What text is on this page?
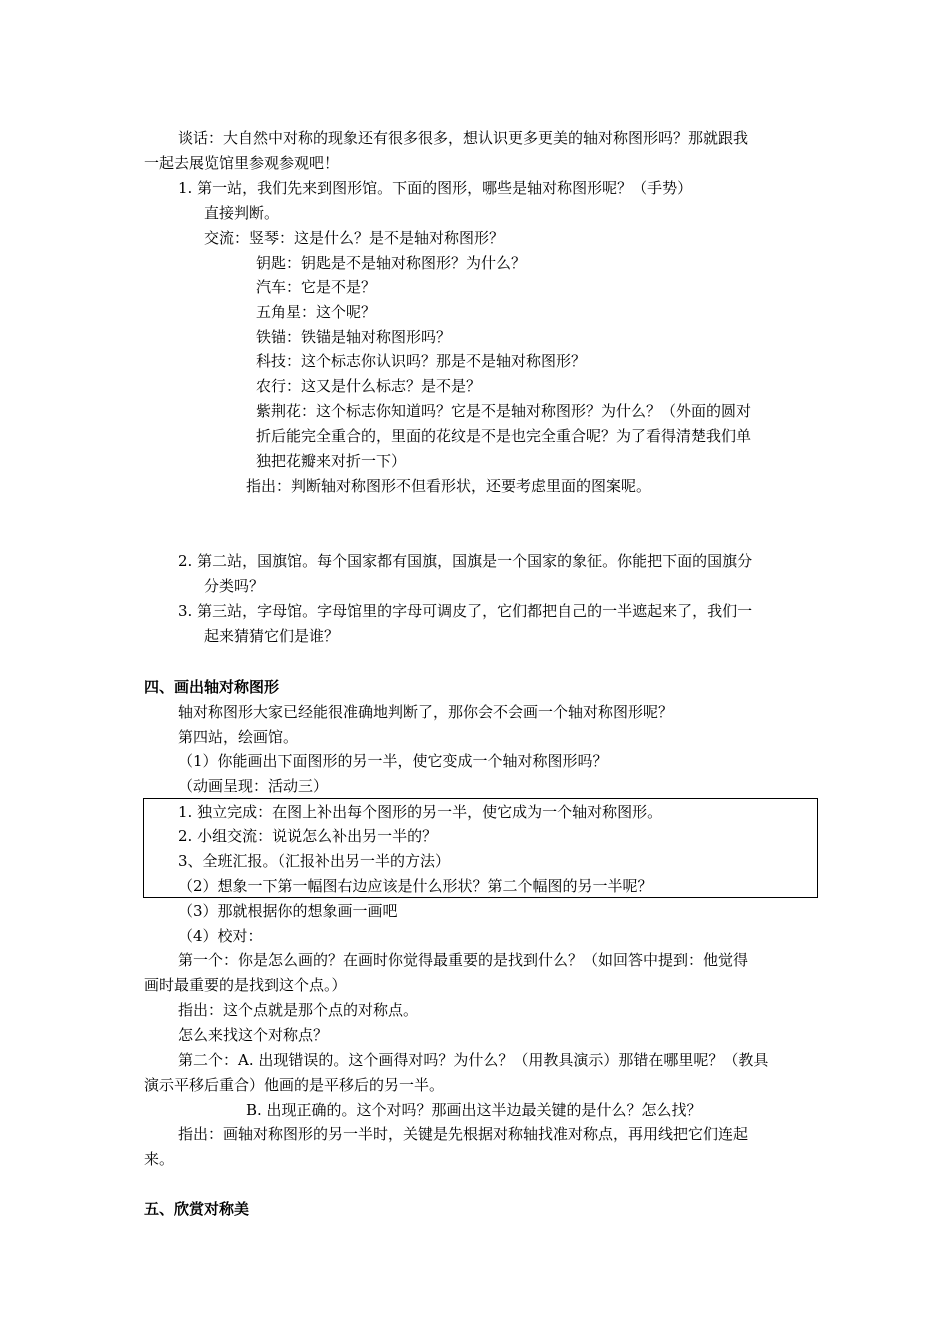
谈话：大自然中对称的现象还有很多很多，想认识更多更美的轴对称图形吗？那就跟我
一起去展览馆里参观参观吧！
1. 第一站，我们先来到图形馆。下面的图形，哪些是轴对称图形呢？（手势）
直接判断。
交流：竖琴：这是什么？是不是轴对称图形？
钥匙：钥匙是不是轴对称图形？为什么？
汽车：它是不是？
五角星：这个呢？
铁锚：铁锚是轴对称图形吗？
科技：这个标志你认识吗？那是不是轴对称图形？
农行：这又是什么标志？是不是？
紫荆花：这个标志你知道吗？它是不是轴对称图形？为什么？（外面的圆对
折后能完全重合的，里面的花纹是不是也完全重合呢？为了看得清楚我们单
独把花瓣来对折一下）
指出：判断轴对称图形不但看形状，还要考虑里面的图案呢。
2. 第二站，国旗馆。每个国家都有国旗，国旗是一个国家的象征。你能把下面的国旗分
分类吗？
3. 第三站，字母馆。字母馆里的字母可调皮了，它们都把自己的一半遮起来了，我们一
起来猜猜它们是谁？
四、画出轴对称图形
轴对称图形大家已经能很准确地判断了，那你会不会画一个轴对称图形呢？
第四站，绘画馆。
（1）你能画出下面图形的另一半，使它变成一个轴对称图形吗？
（动画呈现：活动三）
1. 独立完成：在图上补出每个图形的另一半，使它成为一个轴对称图形。
2. 小组交流：说说怎么补出另一半的？
3、全班汇报。（汇报补出另一半的方法）
（2）想象一下第一幅图右边应该是什么形状？第二个幅图的另一半呢？
（3）那就根据你的想象画一画吧
（4）校对：
第一个：你是怎么画的？在画时你觉得最重要的是找到什么？（如回答中提到：他觉得
画时最重要的是找到这个点。）
指出：这个点就是那个点的对称点。
怎么来找这个对称点？
第二个：A. 出现错误的。这个画得对吗？为什么？（用教具演示）那错在哪里呢？（教具
演示平移后重合）他画的是平移后的另一半。
B. 出现正确的。这个对吗？那画出这半边最关键的是什么？怎么找？
指出：画轴对称图形的另一半时，关键是先根据对称轴找准对称点，再用线把它们连起
来。
五、欣赏对称美
